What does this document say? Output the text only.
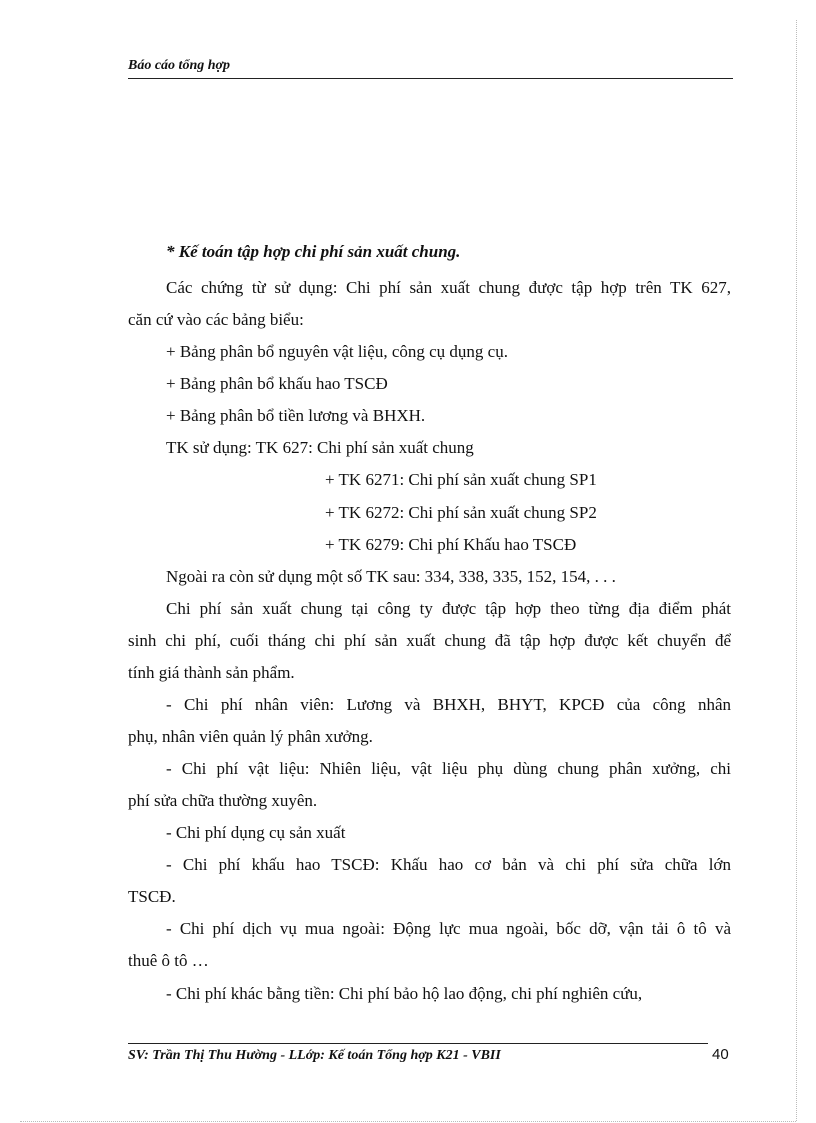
Báo cáo tổng hợp
* Kế toán tập hợp chi phí sản xuất chung.
Các chứng từ sử dụng: Chi phí sản xuất chung được tập hợp trên TK 627,
căn cứ vào các bảng biểu:
+ Bảng phân bổ nguyên vật liệu, công cụ dụng cụ.
+ Bảng phân bổ khấu hao TSCĐ
+ Bảng phân bổ tiền lương và BHXH.
TK sử dụng: TK 627: Chi phí sản xuất chung
+ TK 6271: Chi phí sản xuất chung SP1
+ TK 6272: Chi phí sản xuất chung SP2
+ TK 6279: Chi phí Khấu hao TSCĐ
Ngoài ra còn sử dụng một số TK sau: 334, 338, 335, 152, 154, . . .
Chi phí sản xuất chung tại công ty được tập hợp theo từng địa điểm phát
sinh chi phí, cuối tháng chi phí sản xuất chung đã tập hợp được kết chuyển để
tính giá thành sản phẩm.
- Chi phí nhân viên: Lương và BHXH, BHYT, KPCĐ của công nhân
phụ, nhân viên quản lý phân xưởng.
- Chi phí vật liệu: Nhiên liệu, vật liệu phụ dùng chung phân xưởng, chi
phí sửa chữa thường xuyên.
- Chi phí dụng cụ sản xuất
- Chi phí khấu hao TSCĐ: Khấu hao cơ bản và chi phí sửa chữa lớn
TSCĐ.
- Chi phí dịch vụ mua ngoài: Động lực mua ngoài, bốc dỡ, vận tải ô tô và
thuê ô tô …
- Chi phí khác bằng tiền: Chi phí bảo hộ lao động, chi phí nghiên cứu,
SV: Trần Thị Thu Hường - LLớp: Kế toán Tổng hợp K21 - VBII	40
